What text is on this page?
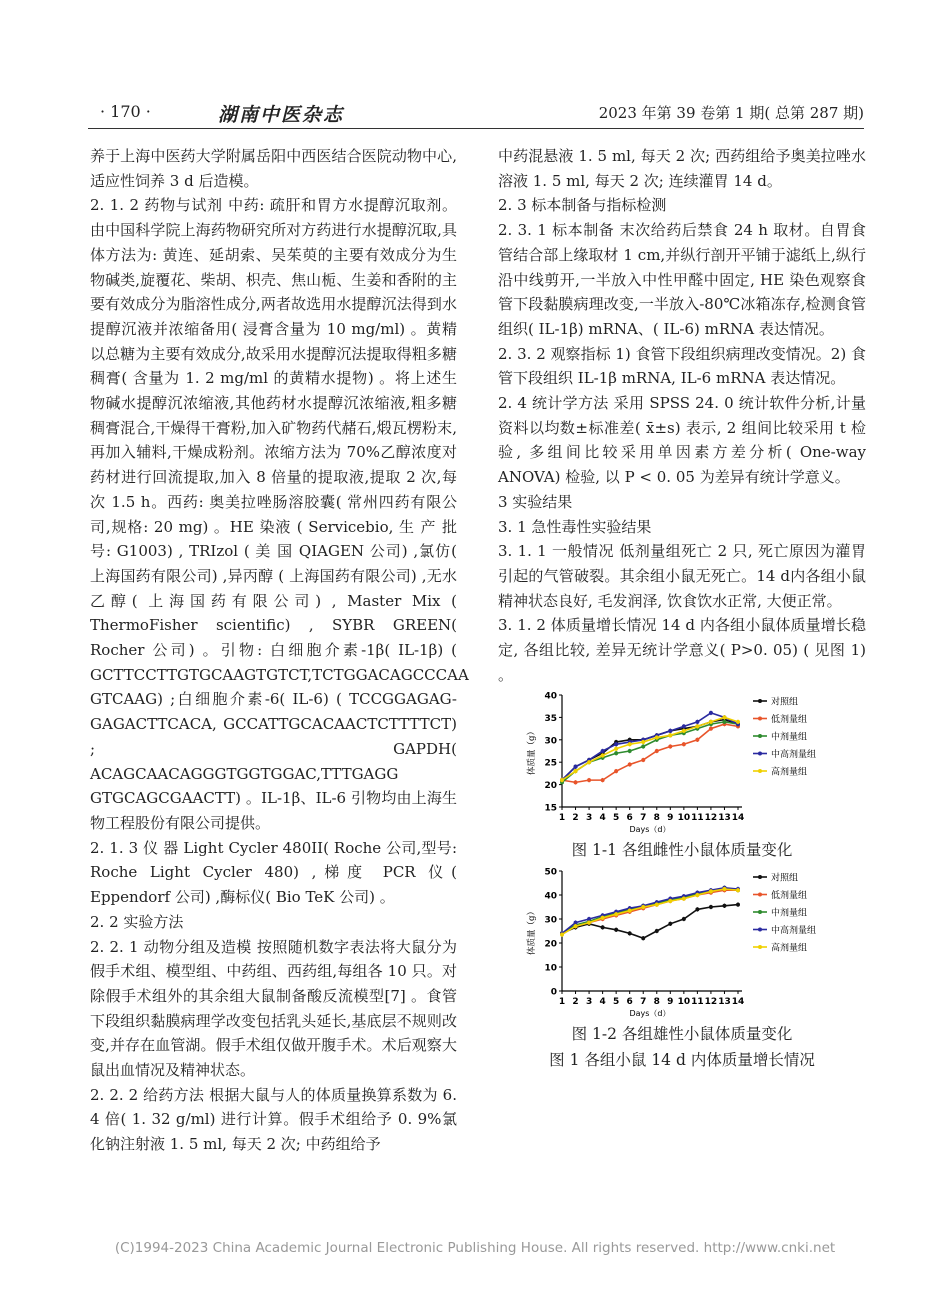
· 170 ·	湖南中医杂志	2023 年第 39 卷第 1 期( 总第 287 期)

养于上海中医药大学附属岳阳中西医结合医院动物中心,适应性饲养 3 d 后造模。

2. 1. 2 药物与试剂 中药: 疏肝和胃方水提醇沉取剂。由中国科学院上海药物研究所对方药进行水提醇沉取,具体方法为: 黄连、延胡索、吴茱萸的主要有效成分为生物碱类,旋覆花、柴胡、枳壳、焦山栀、生姜和香附的主要有效成分为脂溶性成分,两者故选用水提醇沉法得到水提醇沉液并浓缩备用( 浸膏含量为 10 mg/ml) 。黄精以总糖为主要有效成分,故采用水提醇沉法提取得粗多糖稠膏( 含量为 1. 2 mg/ml 的黄精水提物) 。将上述生物碱水提醇沉浓缩液,其他药材水提醇沉浓缩液,粗多糖稠膏混合,干燥得干膏粉,加入矿物药代赭石,煅瓦楞粉末,再加入辅料,干燥成粉剂。浓缩方法为 70%乙醇浓度对药材进行回流提取,加入 8 倍量的提取液,提取 2 次,每次 1.5 h。西药: 奥美拉唑肠溶胶囊( 常州四药有限公司,规格: 20 mg) 。HE 染液 ( Servicebio, 生 产 批 号: G1003) , TRIzol ( 美 国 QIAGEN 公司) ,氯仿( 上海国药有限公司) ,异丙醇 ( 上海国药有限公司) ,无水乙醇( 上海国药有限公司) , Master Mix ( ThermoFisher scientific) , SYBR GREEN( Rocher 公司) 。引物: 白细胞介素-1β( IL-1β) ( GCTTCCTTGTGCAAGTGTCT,TCTGGACAGCCCAA GTCAAG) ;白细胞介素-6( IL-6) ( TCCGGAGAG-GAGACTTCACA, GCCATTGCACAACTCTTTTCT) ; GAPDH( ACAGCAACAGGGTGGTGGAC,TTTGAGG GTGCAGCGAACTT) 。IL-1β、IL-6 引物均由上海生物工程股份有限公司提供。

2. 1. 3 仪 器 Light Cycler 480II( Roche 公司,型号: Roche Light Cycler 480) ,梯度 PCR 仪( Eppendorf 公司) ,酶标仪( Bio TeK 公司) 。

2. 2 实验方法

2. 2. 1 动物分组及造模 按照随机数字表法将大鼠分为假手术组、模型组、中药组、西药组,每组各 10 只。对除假手术组外的其余组大鼠制备酸反流模型[7] 。食管下段组织黏膜病理学改变包括乳头延长,基底层不规则改变,并存在血管湖。假手术组仅做开腹手术。术后观察大鼠出血情况及精神状态。

2. 2. 2 给药方法 根据大鼠与人的体质量换算系数为 6. 4 倍( 1. 32 g/ml) 进行计算。假手术组给予 0. 9%氯化钠注射液 1. 5 ml, 每天 2 次; 中药组给予

中药混悬液 1. 5 ml, 每天 2 次; 西药组给予奥美拉唑水溶液 1. 5 ml, 每天 2 次; 连续灌胃 14 d。

2. 3 标本制备与指标检测

2. 3. 1 标本制备 末次给药后禁食 24 h 取材。自胃食管结合部上缘取材 1 cm,并纵行剖开平铺于滤纸上,纵行沿中线剪开,一半放入中性甲醛中固定, HE 染色观察食管下段黏膜病理改变,一半放入-80℃冰箱冻存,检测食管组织( IL-1β) mRNA、( IL-6) mRNA 表达情况。

2. 3. 2 观察指标 1) 食管下段组织病理改变情况。2) 食管下段组织 IL-1β mRNA, IL-6 mRNA 表达情况。

2. 4 统计学方法 采用 SPSS 24. 0 统计软件分析,计量资料以均数±标准差( x̄±s) 表示, 2 组间比较采用 t 检验, 多组间比较采用单因素方差分析( One-way ANOVA) 检验, 以 P < 0. 05 为差异有统计学意义。

3 实验结果

3. 1 急性毒性实验结果

3. 1. 1 一般情况 低剂量组死亡 2 只, 死亡原因为灌胃引起的气管破裂。其余组小鼠无死亡。14 d内各组小鼠精神状态良好, 毛发润泽, 饮食饮水正常, 大便正常。

3. 1. 2 体质量增长情况 14 d 内各组小鼠体质量增长稳定, 各组比较, 差异无统计学意义( P>0. 05) ( 见图 1) 。

15
20
25
30
35
40
1 2 3 4 5 6 7 8 9 10 11 12 13 14
Days（d）
体质量（g）
对照组
低剂量组
中剂量组
中高剂量组
高剂量组
图 1-1 各组雌性小鼠体质量变化
0
10
20
30
40
50
1 2 3 4 5 6 7 8 9 10 11 12 13 14
Days（d）
体质量（g）
对照组
低剂量组
中剂量组
中高剂量组
高剂量组
图 1-2 各组雄性小鼠体质量变化
图 1 各组小鼠 14 d 内体质量增长情况
(C)1994-2023 China Academic Journal Electronic Publishing House. All rights reserved. http://www.cnki.net
